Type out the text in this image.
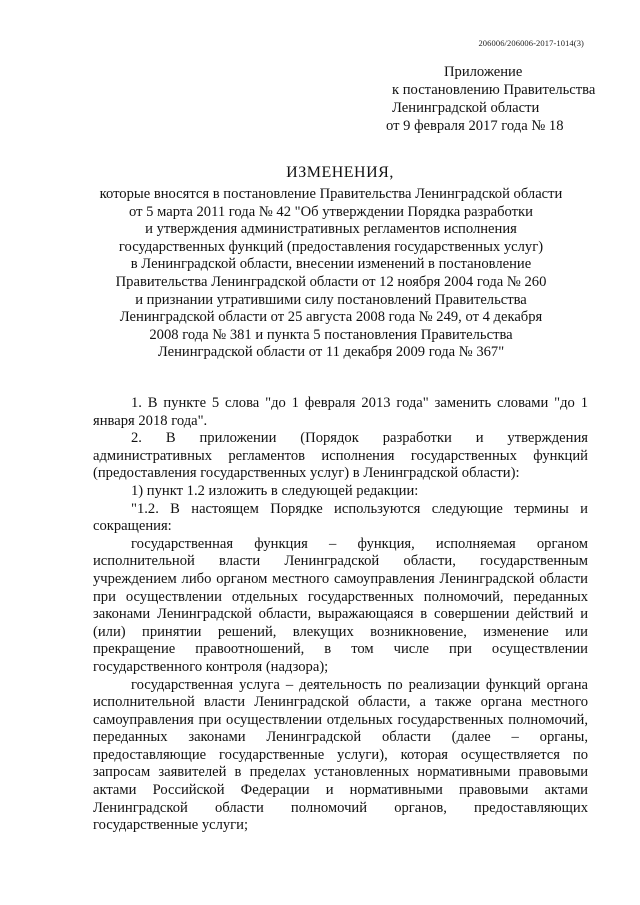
206006/206006-2017-1014(3)
Приложение
к постановлению Правительства
Ленинградской области
от 9 февраля 2017 года № 18
ИЗМЕНЕНИЯ,
которые вносятся в постановление Правительства Ленинградской области
от 5 марта 2011 года № 42 "Об утверждении Порядка разработки
и утверждения административных регламентов исполнения
государственных функций (предоставления государственных услуг)
в Ленинградской области, внесении изменений в постановление
Правительства Ленинградской области от 12 ноября 2004 года № 260
и признании утратившими силу постановлений Правительства
Ленинградской области от 25 августа 2008 года № 249, от 4 декабря
2008 года № 381 и пункта 5 постановления Правительства
Ленинградской области от 11 декабря 2009 года № 367"

1. В пункте 5 слова "до 1 февраля 2013 года" заменить словами "до 1 января 2018 года".

2. В приложении (Порядок разработки и утверждения административных регламентов исполнения государственных функций (предоставления государственных услуг) в Ленинградской области):

1) пункт 1.2 изложить в следующей редакции:

"1.2. В настоящем Порядке используются следующие термины и сокращения:

государственная функция – функция, исполняемая органом исполнительной власти Ленинградской области, государственным учреждением либо органом местного самоуправления Ленинградской области при осуществлении отдельных государственных полномочий, переданных законами Ленинградской области, выражающаяся в совершении действий и (или) принятии решений, влекущих возникновение, изменение или прекращение правоотношений, в том числе при осуществлении государственного контроля (надзора);

государственная услуга – деятельность по реализации функций органа исполнительной власти Ленинградской области, а также органа местного самоуправления при осуществлении отдельных государственных полномочий, переданных законами Ленинградской области (далее – органы, предоставляющие государственные услуги), которая осуществляется по запросам заявителей в пределах установленных нормативными правовыми актами Российской Федерации и нормативными правовыми актами Ленинградской области полномочий органов, предоставляющих государственные услуги;
